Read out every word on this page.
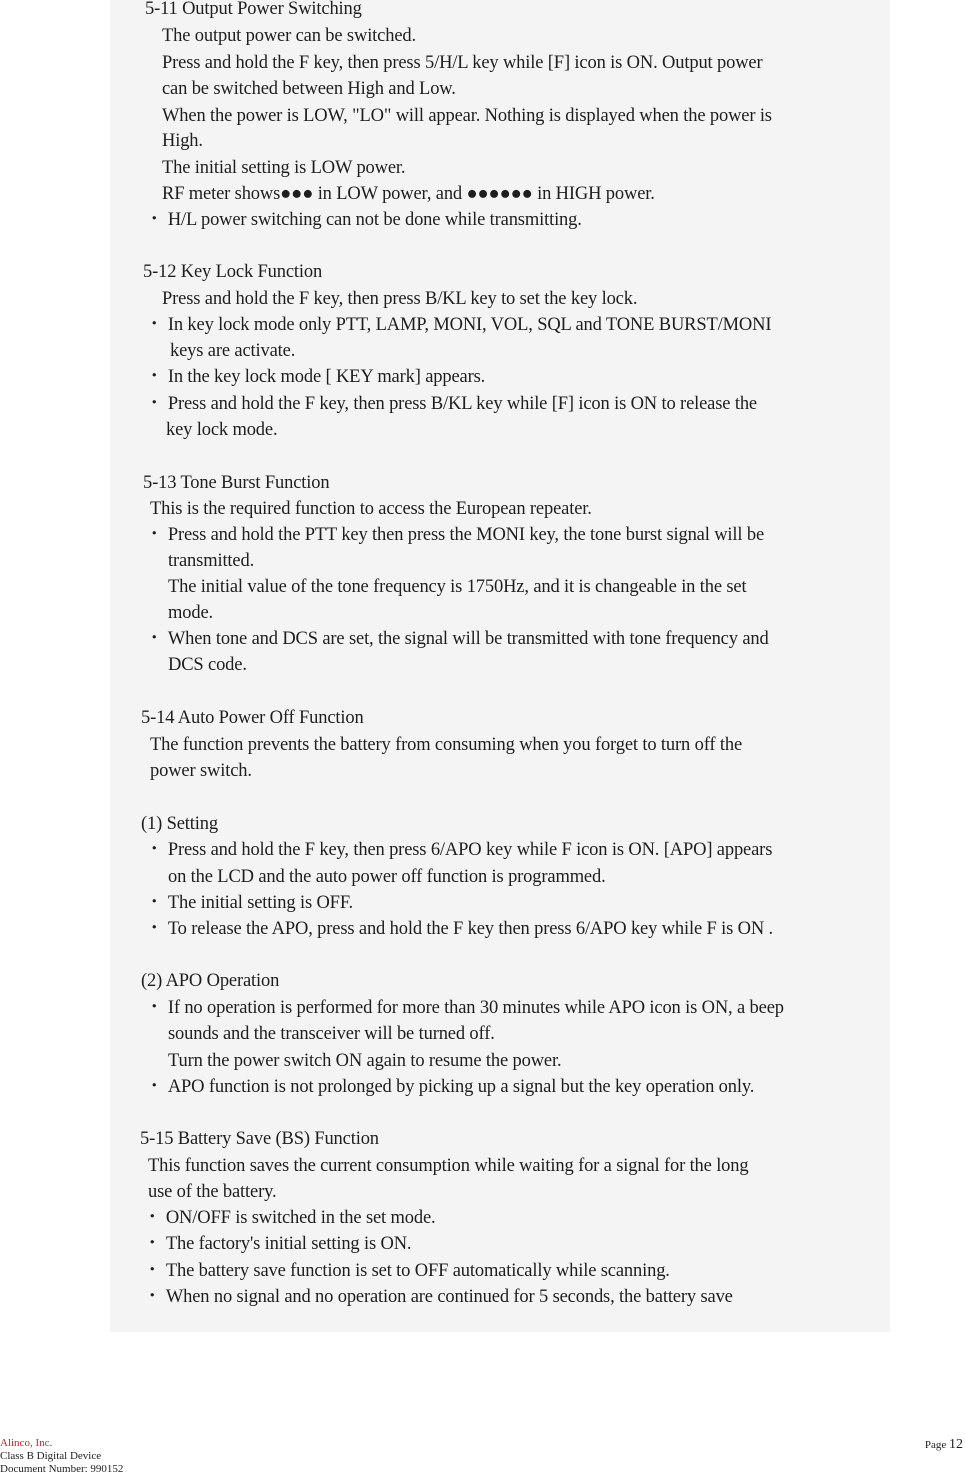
5-11 Output Power Switching
The output power can be switched.
Press and hold the F key, then press 5/H/L key while [F] icon is ON. Output power
can be switched between High and Low.
When the power is LOW, "LO" will appear. Nothing is displayed when the power is
High.
The initial setting is LOW power.
RF meter shows●●● in LOW power, and ●●●●●● in HIGH power.
・ H/L power switching can not be done while transmitting.
5-12 Key Lock Function
Press and hold the F key, then press B/KL key to set the key lock.
・ In key lock mode only PTT, LAMP, MONI, VOL, SQL and TONE BURST/MONI
keys are activate.
・ In the key lock mode [ KEY mark] appears.
・ Press and hold the F key, then press B/KL key while [F] icon is ON to release the
key lock mode.
5-13 Tone Burst Function
This is the required function to access the European repeater.
・ Press and hold the PTT key then press the MONI key, the tone burst signal will be
transmitted.
The initial value of the tone frequency is 1750Hz, and it is changeable in the set
mode.
・ When tone and DCS are set, the signal will be transmitted with tone frequency and
DCS code.
5-14 Auto Power Off Function
The function prevents the battery from consuming when you forget to turn off the
power switch.
(1) Setting
・ Press and hold the F key, then press 6/APO key while F icon is ON. [APO] appears
on the LCD and the auto power off function is programmed.
・ The initial setting is OFF.
・ To release the APO, press and hold the F key then press 6/APO key while F is ON .
(2) APO Operation
・ If no operation is performed for more than 30 minutes while APO icon is ON, a beep
sounds and the transceiver will be turned off.
Turn the power switch ON again to resume the power.
・ APO function is not prolonged by picking up a signal but the key operation only.
5-15 Battery Save (BS) Function
This function saves the current consumption while waiting for a signal for the long
use of the battery.
・ ON/OFF is switched in the set mode.
・ The factory's initial setting is ON.
・ The battery save function is set to OFF automatically while scanning.
・ When no signal and no operation are continued for 5 seconds, the battery save
Alinco, Inc.
Class B Digital Device
Document Number: 990152
Page 12
